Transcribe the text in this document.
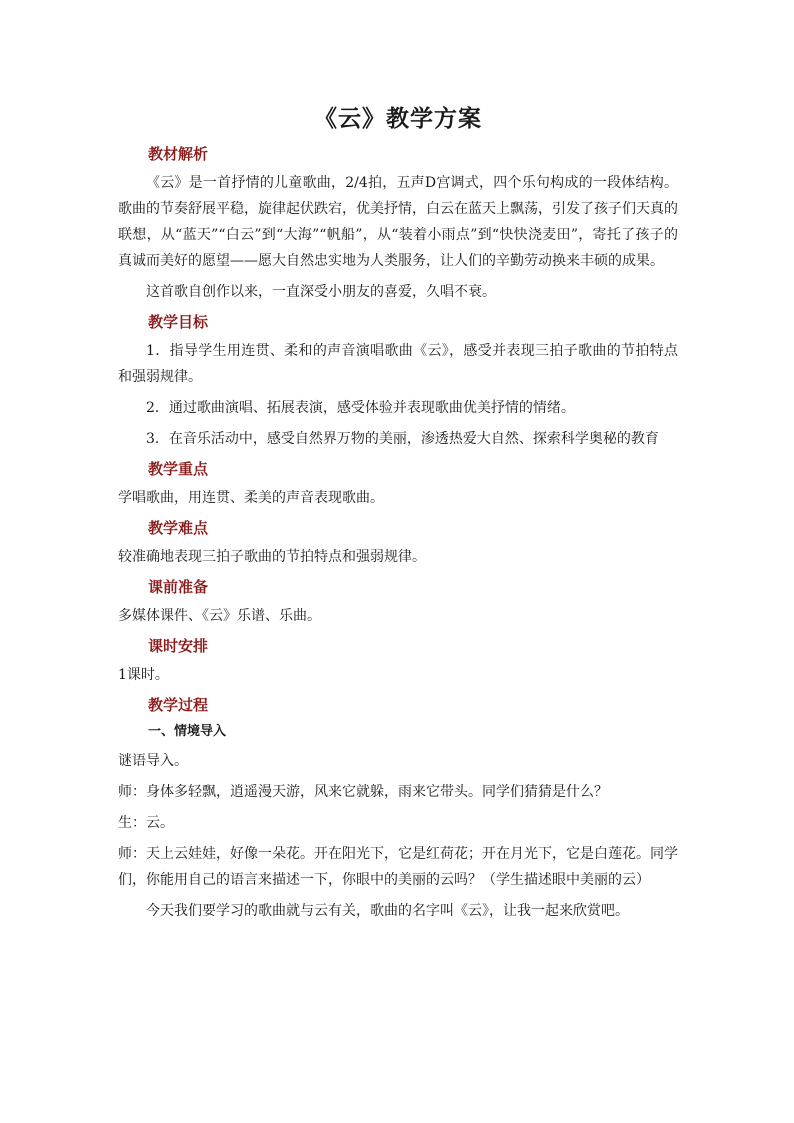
《云》教学方案
教材解析

《云》是一首抒情的儿童歌曲，2/4拍，五声D宫调式，四个乐句构成的一段体结构。歌曲的节奏舒展平稳，旋律起伏跌宕，优美抒情，白云在蓝天上飘荡，引发了孩子们天真的联想，从“蓝天”“白云”到“大海”“帆船”，从“装着小雨点”到“快快浇麦田”，寄托了孩子的真诚而美好的愿望——愿大自然忠实地为人类服务，让人们的辛勤劳动换来丰硕的成果。

这首歌自创作以来，一直深受小朋友的喜爱，久唱不衰。

教学目标

1．指导学生用连贯、柔和的声音演唱歌曲《云》，感受并表现三拍子歌曲的节拍特点和强弱规律。

2．通过歌曲演唱、拓展表演，感受体验并表现歌曲优美抒情的情绪。

3．在音乐活动中，感受自然界万物的美丽，渗透热爱大自然、探索科学奥秘的教育

教学重点

学唱歌曲，用连贯、柔美的声音表现歌曲。

教学难点

较准确地表现三拍子歌曲的节拍特点和强弱规律。

课前准备

多媒体课件、《云》乐谱、乐曲。

课时安排

1课时。

教学过程
一、情境导入

谜语导入。

师：身体多轻飘，逍遥漫天游，风来它就躲，雨来它带头。同学们猜猜是什么？

生：云。

师：天上云娃娃，好像一朵花。开在阳光下，它是红荷花；开在月光下，它是白莲花。同学们，你能用自己的语言来描述一下，你眼中的美丽的云吗？（学生描述眼中美丽的云）

今天我们要学习的歌曲就与云有关，歌曲的名字叫《云》，让我一起来欣赏吧。
